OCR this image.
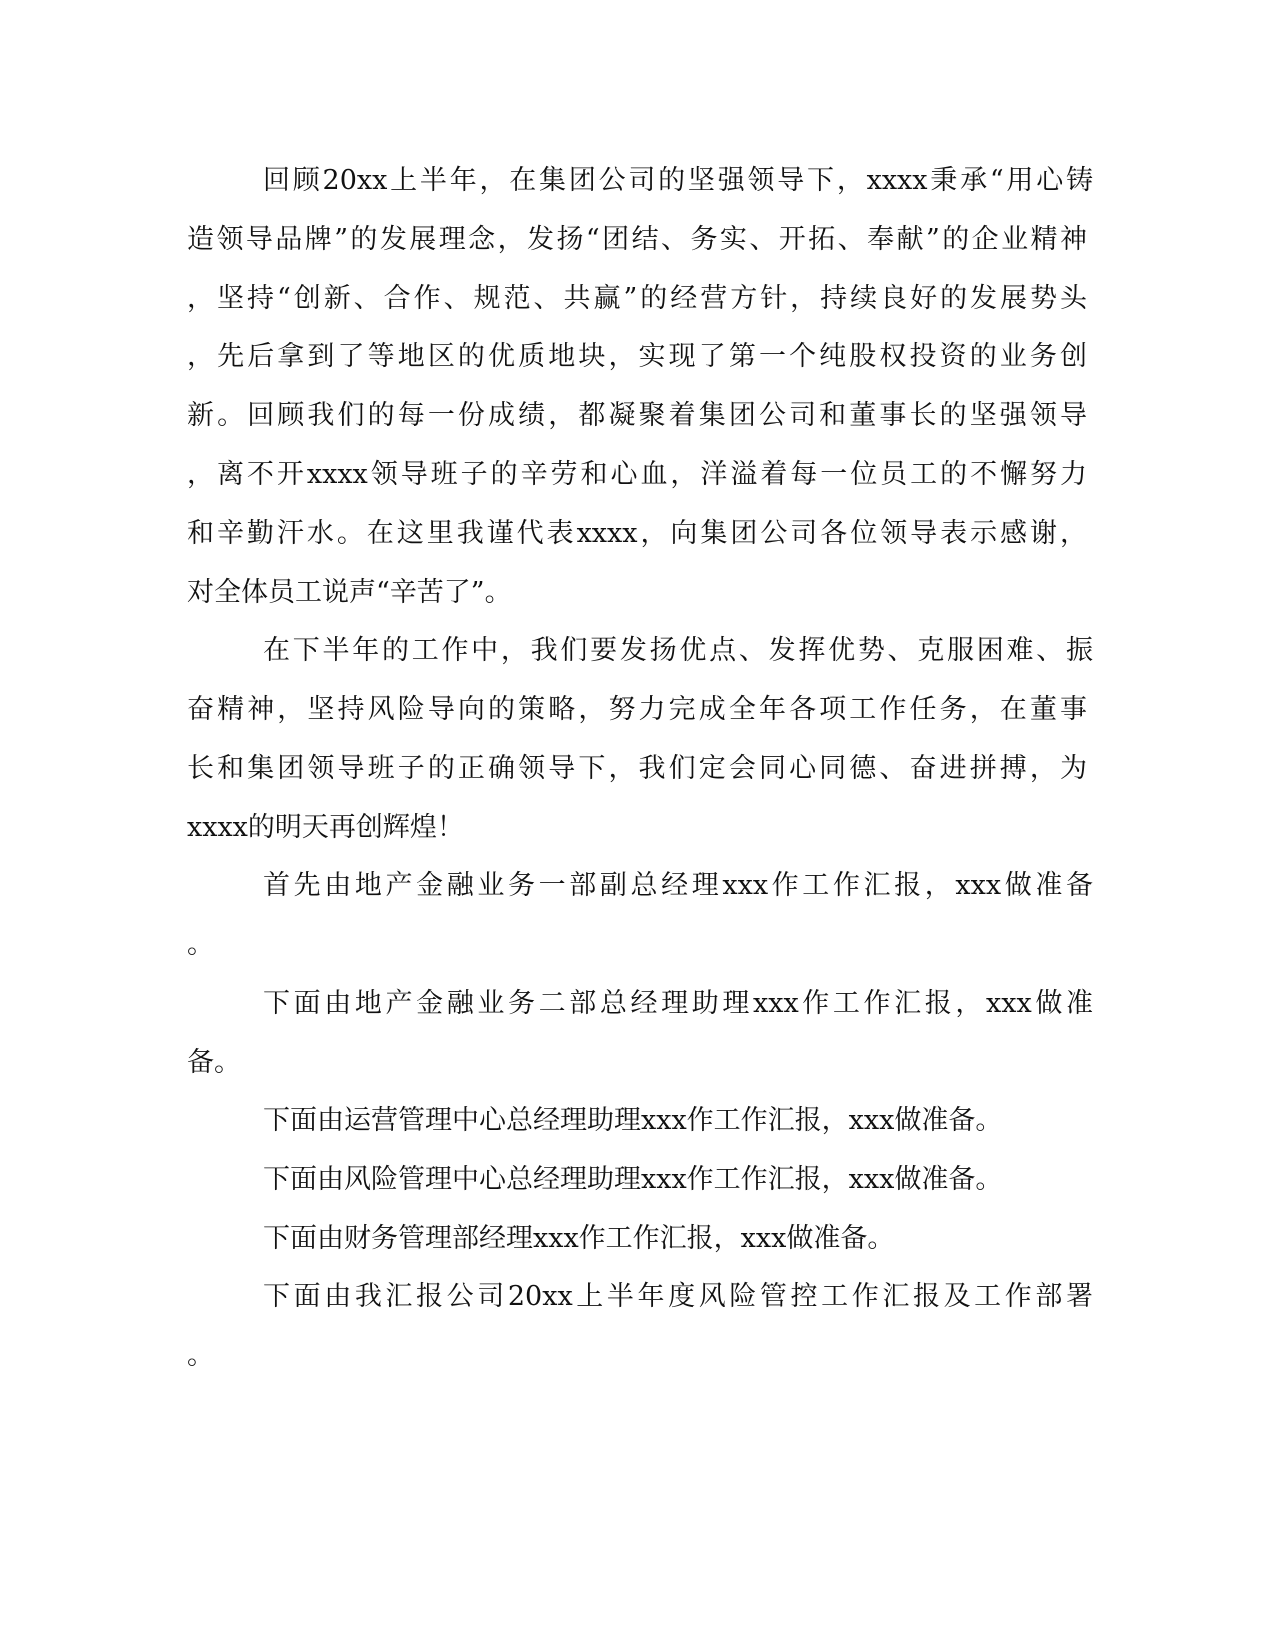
回顾20xx上半年，在集团公司的坚强领导下，xxxx秉承“用心铸
造领导品牌”的发展理念，发扬“团结、务实、开拓、奉献”的企业精神
，坚持“创新、合作、规范、共赢”的经营方针，持续良好的发展势头
，先后拿到了等地区的优质地块，实现了第一个纯股权投资的业务创
新。回顾我们的每一份成绩，都凝聚着集团公司和董事长的坚强领导
，离不开xxxx领导班子的辛劳和心血，洋溢着每一位员工的不懈努力
和辛勤汗水。在这里我谨代表xxxx，向集团公司各位领导表示感谢，
对全体员工说声“辛苦了”。
在下半年的工作中，我们要发扬优点、发挥优势、克服困难、振
奋精神，坚持风险导向的策略，努力完成全年各项工作任务，在董事
长和集团领导班子的正确领导下，我们定会同心同德、奋进拼搏，为
xxxx的明天再创辉煌！
首先由地产金融业务一部副总经理xxx作工作汇报，xxx做准备
。
下面由地产金融业务二部总经理助理xxx作工作汇报，xxx做准
备。
下面由运营管理中心总经理助理xxx作工作汇报，xxx做准备。
下面由风险管理中心总经理助理xxx作工作汇报，xxx做准备。
下面由财务管理部经理xxx作工作汇报，xxx做准备。
下面由我汇报公司20xx上半年度风险管控工作汇报及工作部署
。
